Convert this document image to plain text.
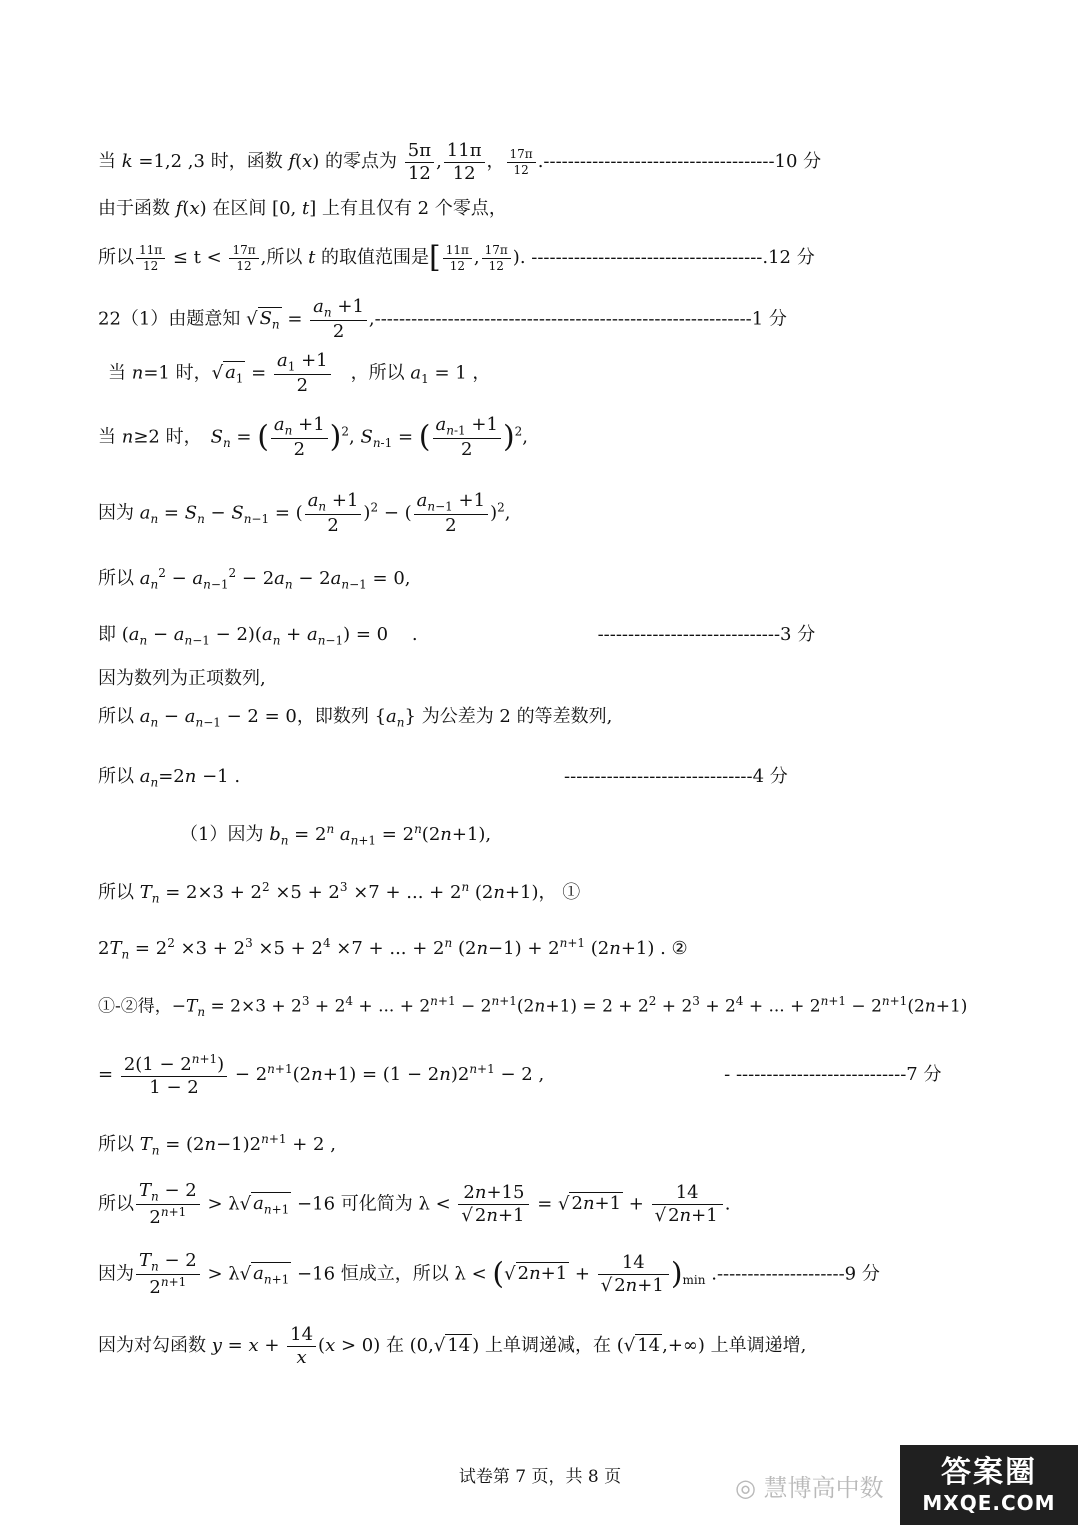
当 k =1,2 ,3 时，函数 f(x) 的零点为 $\frac{5\pi}{12}$ , $\frac{11\pi}{12}$ ， $\frac{17\pi}{12} .--------------------------------------10$ 分
由于函数 f(x) 在区间 [0, t] 上有且仅有 2 个零点，
所以 $\frac{11\pi}{12} \le t < \frac{17\pi}{12}$ ,所以 t 的取值范围是[ $\frac{11\pi}{12}$ , $\frac{17\pi}{12}$ ). --------------------------------------.12 分
22（1）由题意知 √ $S_n = \frac{a_n +1}{2} ,--------------------------------------------------------------1$ 分
当 n=1 时，√ $a_1 = \frac{a_1 +1}{2}$ 　，所以 $a_1 = 1$ ，
当 n≥2 时，　$S_n$ = ( $\frac{a_n +1}{2} )^2$, $S_{n-1}$ = ( $\frac{a_{n-1} +1}{2} )^2$,
因为 $a_n = S_n - S_{n-1}$ = ( $\frac{a_n +1}{2} )^2$ − ( $\frac{a_{n-1} +1}{2} )^2$,
所以 $a_n^2 - a_{n-1}^2 - 2a_n - 2a_{n-1} = 0$,
即 $(a_n - a_{n-1} - 2)(a_n + a_{n-1}) = 0$ 　.　　　　　　　　　　------------------------------3 分
因为数列为正项数列,
所以 $a_n - a_{n-1} - 2 = 0$，即数列 $\{a_n\}$ 为公差为 2 的等差数列,
所以 $a_n=2n -1$ .　　　　　　　　　　　　　　　　　　-------------------------------4 分
（1）因为 $b_n = 2^n$ $a_{n+1} = 2^n(2n+1)$,
所以 $T_n = 2\times 3 + 2^2 \times 5 + 2^3 \times 7$ + ... + $2^n$ (2n+1)， ①
$2T_n = 2^2 \times 3 + 2^3 \times 5 + 2^4 \times 7$ + ... + $2^n$ $(2n-1) + 2^{n+1}$ (2n+1) . ②
①-②得，$-T_n = 2\times 3 + 2^3 + 2^4$ + ... + $2^{n+1} - 2^{n+1}(2n+1) = 2 + 2^2 + 2^3 + 2^4$ + ... + $2^{n+1} - 2^{n+1}(2n+1)$
= $\frac{2(1 - 2^{n+1})}{1 - 2} - 2^{n+1}(2n+1) = (1 - 2n)2^{n+1} - 2$ ,　　　　　　　　　　- ----------------------------7 分
所以 $T_n = (2n-1)2^{n+1} + 2$ ,
所以 $\frac{T_n - 2}{2^{n+1}} > \lambda√$ $a_{n+1} -16$ 可化简为 $\lambda < \frac{2n+15}{√ 2n+1}$ = √ $2n+1 + \frac{14}{√ 2n+1}$ .
因为 $\frac{T_n - 2}{2^{n+1}} > \lambda√$ $a_{n+1} -16$ 恒成立，所以 λ < (√ $2n+1 + \frac{14}{√ 2n+1} )_{min}$ .---------------------9 分
因为对勾函数 $y = x + \frac{14}{x} (x > 0)$ 在 (0,√ 14 ) 上单调递减，在 (√ 14 ,+∞) 上单调递增,
试卷第 7 页，共 8 页	◎ 慧博高中数	答案圈
MXQE.COM
